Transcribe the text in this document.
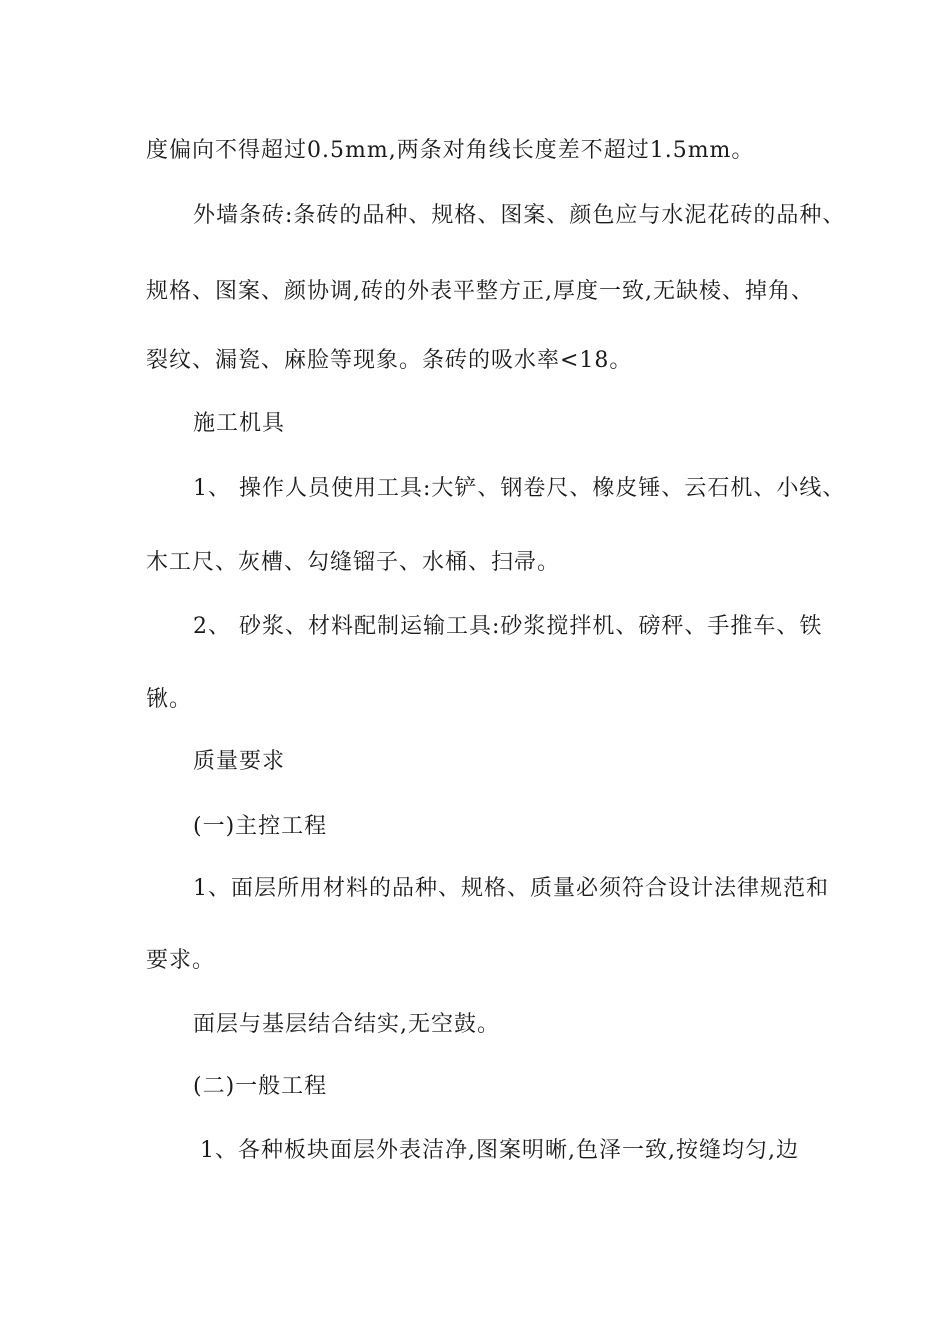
度偏向不得超过0.5mm,两条对角线长度差不超过1.5mm。
外墙条砖:条砖的品种、规格、图案、颜色应与水泥花砖的品种、
规格、图案、颜协调,砖的外表平整方正,厚度一致,无缺棱、掉角、
裂纹、漏瓷、麻脸等现象。条砖的吸水率<18。
施工机具
1、 操作人员使用工具:大铲、钢卷尺、橡皮锤、云石机、小线、
木工尺、灰槽、勾缝镏子、水桶、扫帚。
2、 砂浆、材料配制运输工具:砂浆搅拌机、磅秤、手推车、铁
锹。
质量要求
(一)主控工程
1、面层所用材料的品种、规格、质量必须符合设计法律规范和
要求。
面层与基层结合结实,无空鼓。
(二)一般工程
1、各种板块面层外表洁净,图案明晰,色泽一致,按缝均匀,边
